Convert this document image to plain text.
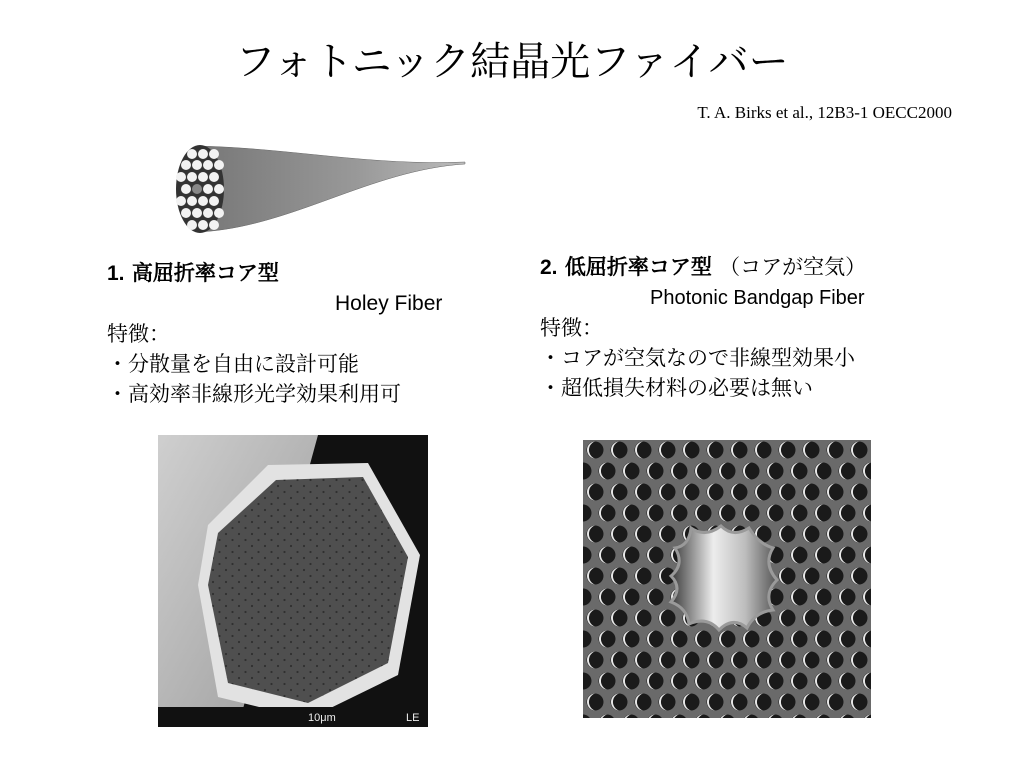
フォトニック結晶光ファイバー
T. A. Birks et al., 12B3-1 OECC2000
1. 高屈折率コア型
Holey Fiber
特徴：
・分散量を自由に設計可能
・高効率非線形光学効果利用可
2. 低屈折率コア型 （コアが空気）
Photonic Bandgap Fiber
特徴：
・コアが空気なので非線型効果小
・超低損失材料の必要は無い
10μm	LE
